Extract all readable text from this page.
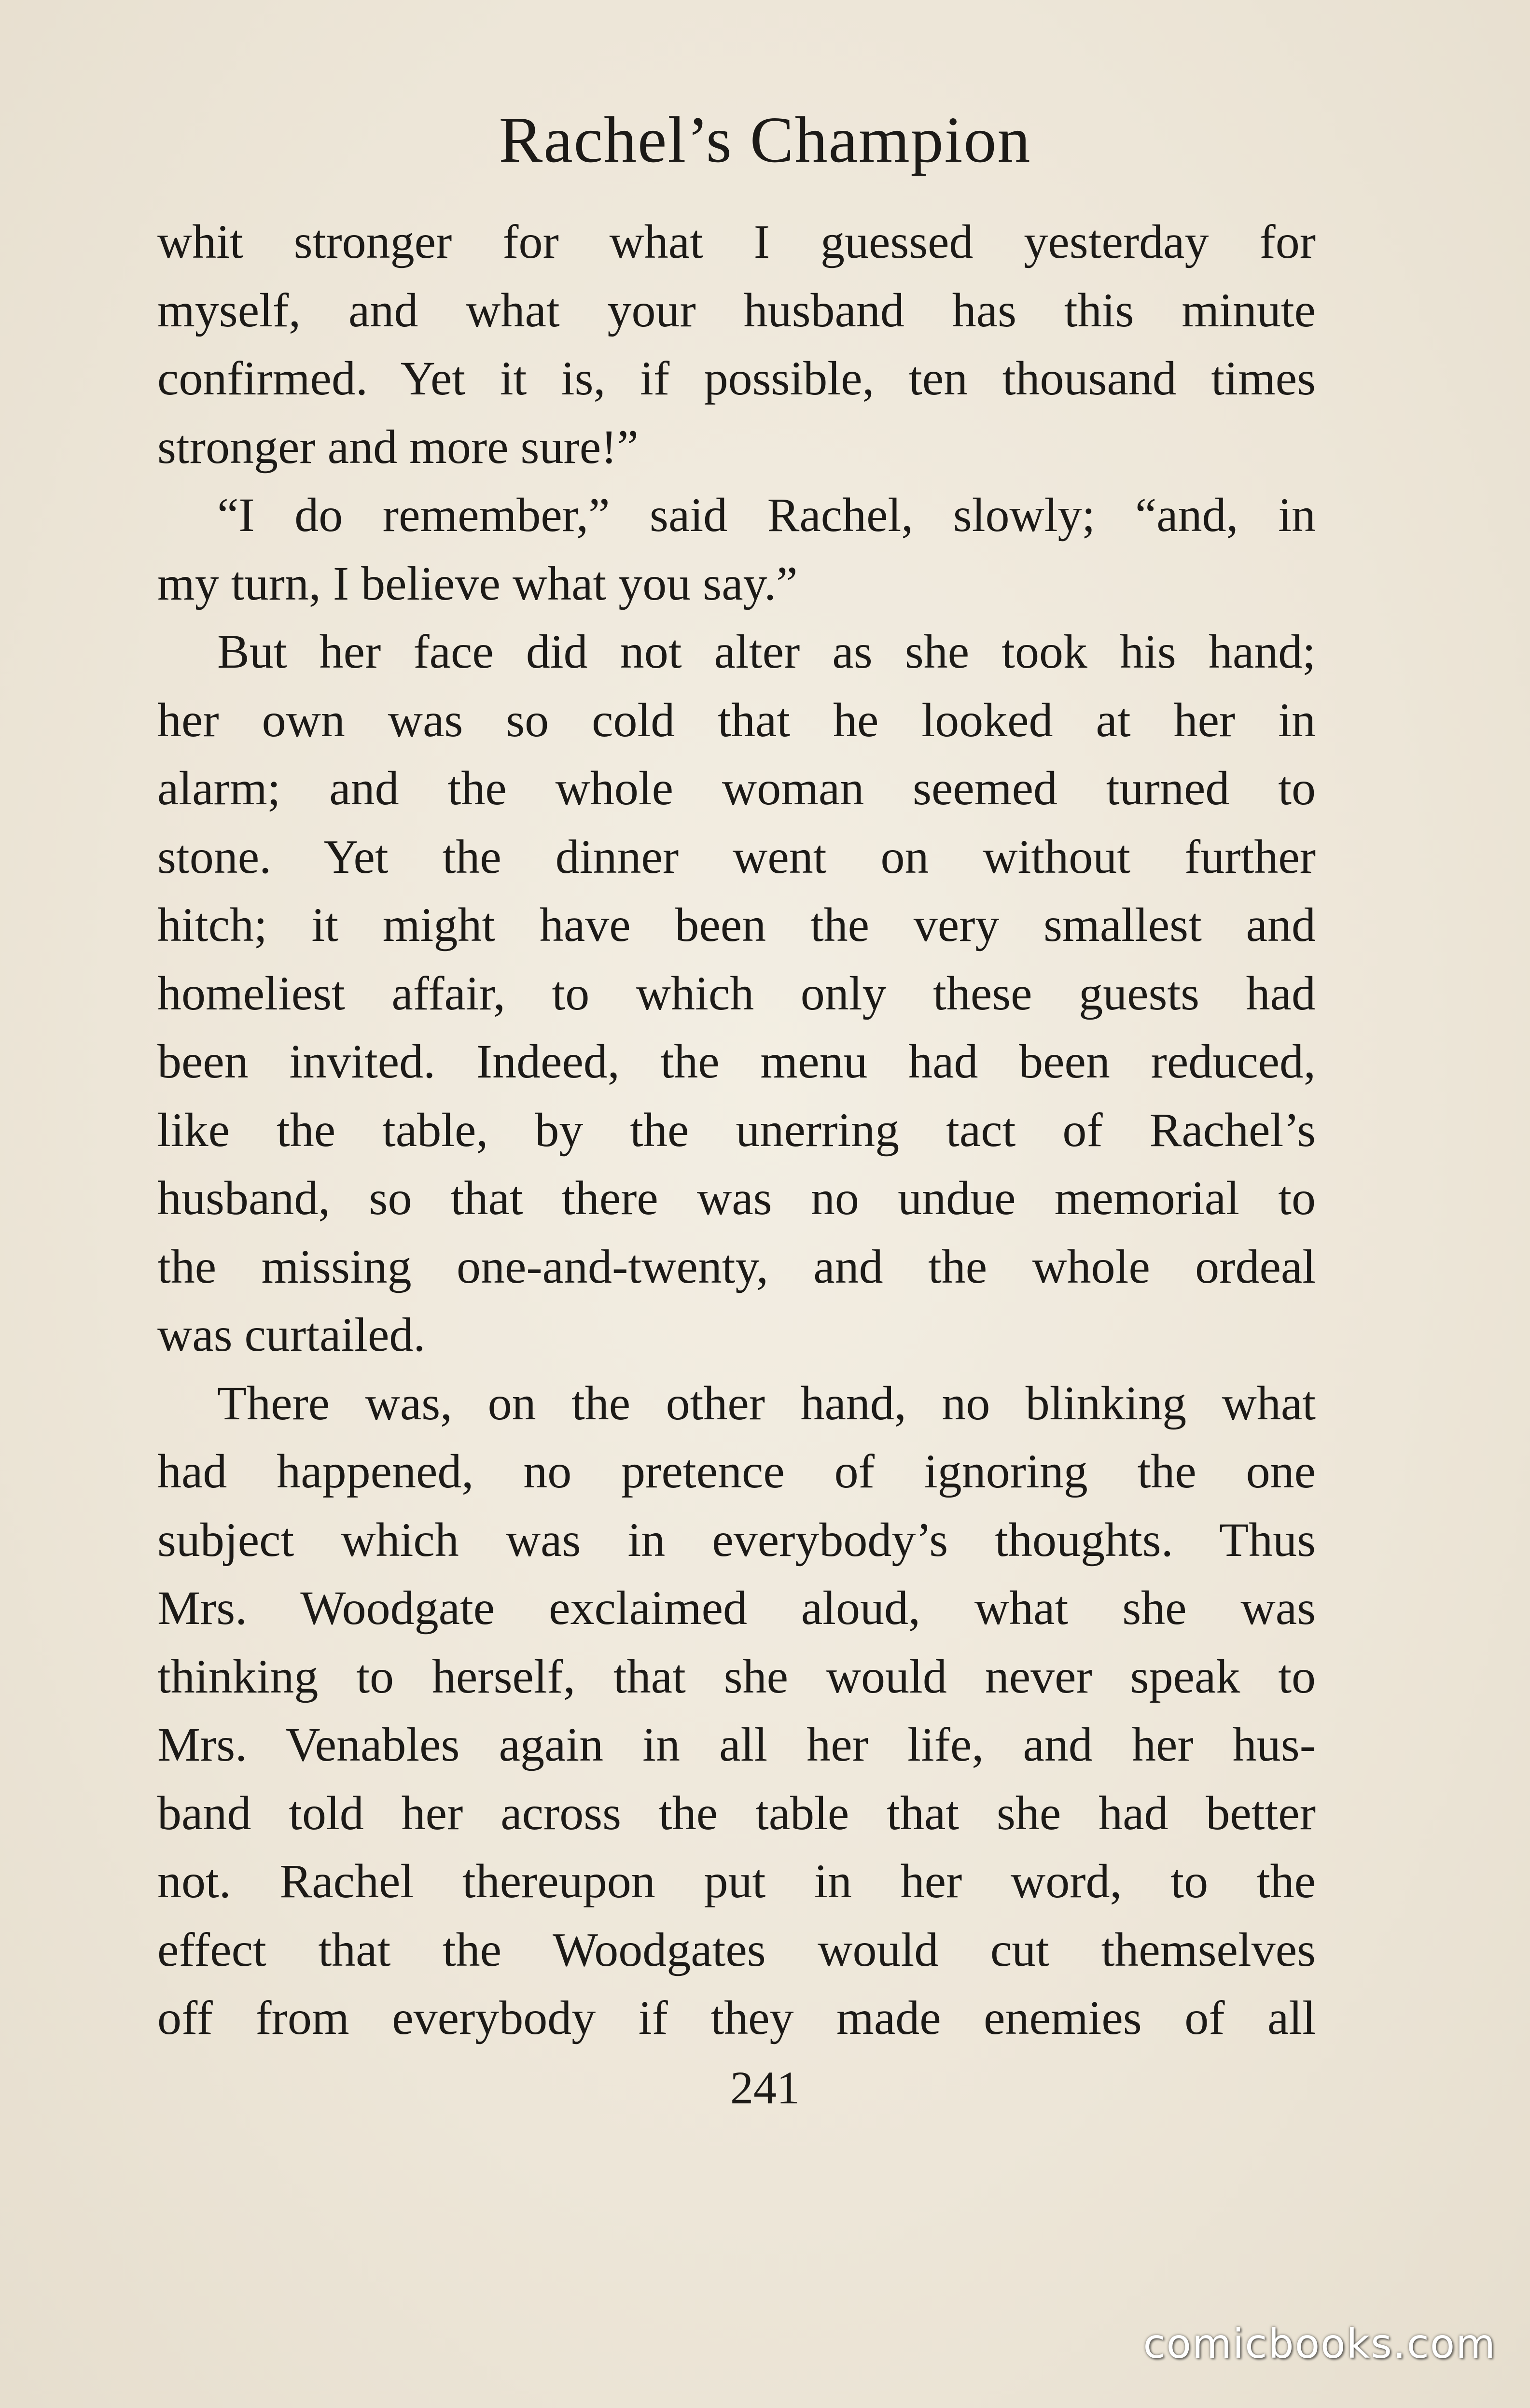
Rachel’s Champion
whit stronger for what I guessed yesterday for
myself, and what your husband has this minute
confirmed. Yet it is, if possible, ten thousand times
stronger and more sure!”
“I do remember,” said Rachel, slowly; “and, in
my turn, I believe what you say.”
But her face did not alter as she took his hand;
her own was so cold that he looked at her in
alarm; and the whole woman seemed turned to
stone. Yet the dinner went on without further
hitch; it might have been the very smallest and
homeliest affair, to which only these guests had
been invited. Indeed, the menu had been reduced,
like the table, by the unerring tact of Rachel’s
husband, so that there was no undue memorial to
the missing one-and-twenty, and the whole ordeal
was curtailed.
There was, on the other hand, no blinking what
had happened, no pretence of ignoring the one
subject which was in everybody’s thoughts. Thus
Mrs. Woodgate exclaimed aloud, what she was
thinking to herself, that she would never speak to
Mrs. Venables again in all her life, and her hus-
band told her across the table that she had better
not. Rachel thereupon put in her word, to the
effect that the Woodgates would cut themselves
off from everybody if they made enemies of all
241
comicbooks.com
